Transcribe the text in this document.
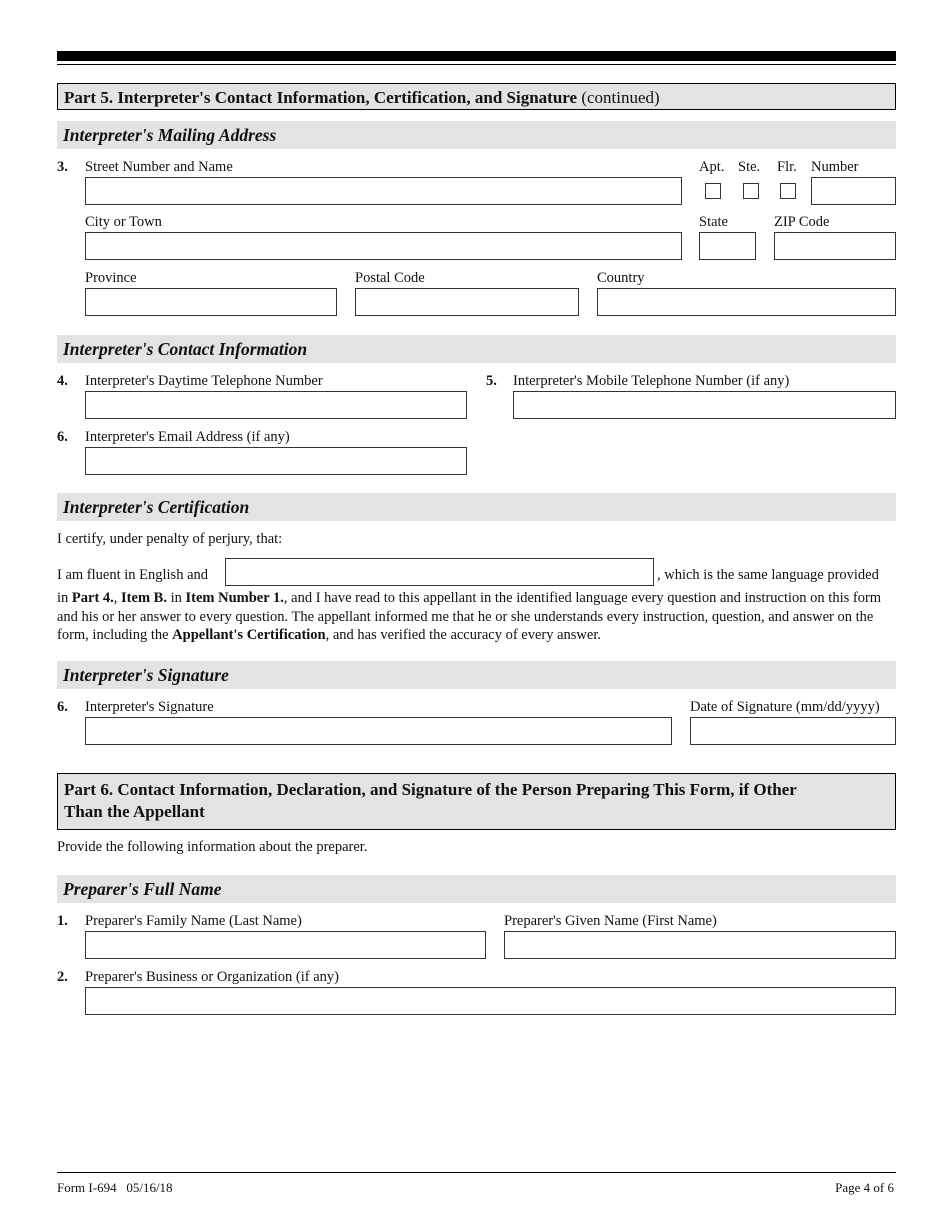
Part 5. Interpreter's Contact Information, Certification, and Signature (continued)
Interpreter's Mailing Address
3. Street Number and Name	Apt. Ste. Flr. Number
City or Town	State	ZIP Code
Province	Postal Code	Country
Interpreter's Contact Information
4. Interpreter's Daytime Telephone Number	5. Interpreter's Mobile Telephone Number (if any)
6. Interpreter's Email Address (if any)
Interpreter's Certification
I certify, under penalty of perjury, that:
I am fluent in English and	, which is the same language provided
in Part 4., Item B. in Item Number 1., and I have read to this appellant in the identified language every question and instruction on this form and his or her answer to every question. The appellant informed me that he or she understands every instruction, question, and answer on the form, including the Appellant's Certification, and has verified the accuracy of every answer.
Interpreter's Signature
6. Interpreter's Signature	Date of Signature (mm/dd/yyyy)
Part 6. Contact Information, Declaration, and Signature of the Person Preparing This Form, if Other
Than the Appellant
Provide the following information about the preparer.
Preparer's Full Name
1. Preparer's Family Name (Last Name)	Preparer's Given Name (First Name)
2. Preparer's Business or Organization (if any)
Form I-694   05/16/18	Page 4 of 6
